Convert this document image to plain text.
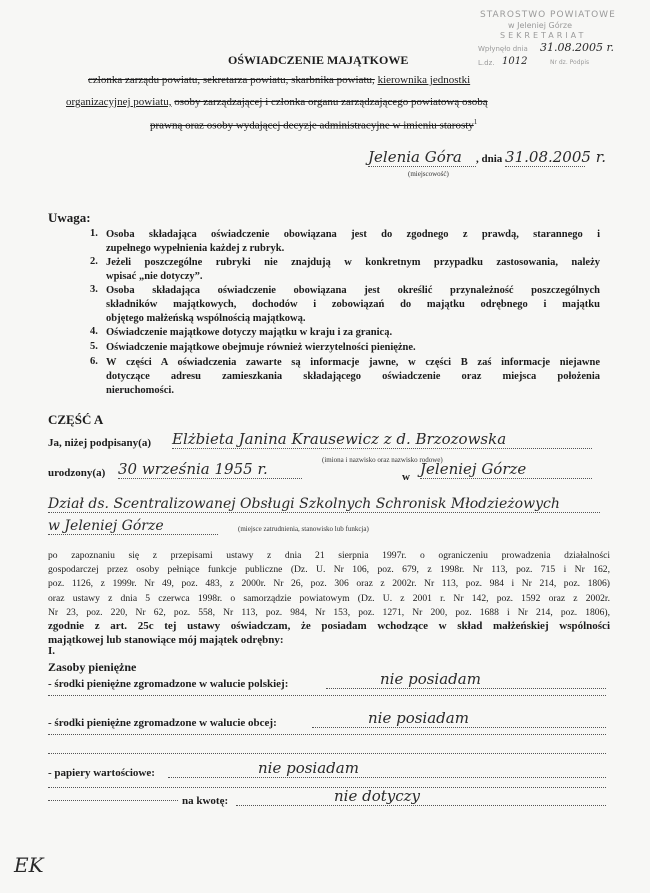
STAROSTWO POWIATOWE
w Jeleniej Górze
SEKRETARIAT
Wpłynęło dnia 31.08.2005 r.
L.dz. 1012	Nr dz. Podpis
OŚWIADCZENIE MAJĄTKOWE
członka zarządu powiatu, sekretarza powiatu, skarbnika powiatu, kierownika jednostki
organizacyjnej powiatu, osoby zarządzającej i członka organu zarządzającego powiatową osobą
prawną oraz osoby wydającej decyzje administracyjne w imieniu starosty$^1$
Jelenia Góra , dnia 31.08.2005 r.
(miejscowość)
Uwaga:
1. Osoba składająca oświadczenie obowiązana jest do zgodnego z prawdą, starannego i
zupełnego wypełnienia każdej z rubryk.
2. Jeżeli poszczególne rubryki nie znajdują w konkretnym przypadku zastosowania, należy
wpisać „nie dotyczy”.
3. Osoba składająca oświadczenie obowiązana jest określić przynależność poszczególnych
składników majątkowych, dochodów i zobowiązań do majątku odrębnego i majątku
objętego małżeńską wspólnością majątkową.
4. Oświadczenie majątkowe dotyczy majątku w kraju i za granicą.
5. Oświadczenie majątkowe obejmuje również wierzytelności pieniężne.
6. W części A oświadczenia zawarte są informacje jawne, w części B zaś informacje niejawne
dotyczące adresu zamieszkania składającego oświadczenie oraz miejsca położenia
nieruchomości.
CZĘŚĆ A
Ja, niżej podpisany(a) Elżbieta Janina Krausewicz z d. Brzozowska
(imiona i nazwisko oraz nazwisko rodowe)
urodzony(a) 30 września 1955 r.	w Jeleniej Górze
Dział ds. Scentralizowanej Obsługi Szkolnych Schronisk Młodzieżowych
w Jeleniej Górze	(miejsce zatrudnienia, stanowisko lub funkcja)
po zapoznaniu się z przepisami ustawy z dnia 21 sierpnia 1997r. o ograniczeniu prowadzenia działalności
gospodarczej przez osoby pełniące funkcje publiczne (Dz. U. Nr 106, poz. 679, z 1998r. Nr 113, poz. 715 i Nr 162,
poz. 1126, z 1999r. Nr 49, poz. 483, z 2000r. Nr 26, poz. 306 oraz z 2002r. Nr 113, poz. 984 i Nr 214, poz. 1806)
oraz ustawy z dnia 5 czerwca 1998r. o samorządzie powiatowym (Dz. U. z 2001 r. Nr 142, poz. 1592 oraz z 2002r.
Nr 23, poz. 220, Nr 62, poz. 558, Nr 113, poz. 984, Nr 153, poz. 1271, Nr 200, poz. 1688 i Nr 214, poz. 1806),
zgodnie z art. 25c tej ustawy oświadczam, że posiadam wchodzące w skład małżeńskiej wspólności
majątkowej lub stanowiące mój majątek odrębny:
I.
Zasoby pieniężne
- środki pieniężne zgromadzone w walucie polskiej:	nie posiadam
- środki pieniężne zgromadzone w walucie obcej:	nie posiadam
- papiery wartościowe:	nie posiadam
na kwotę:	nie dotyczy
EK
